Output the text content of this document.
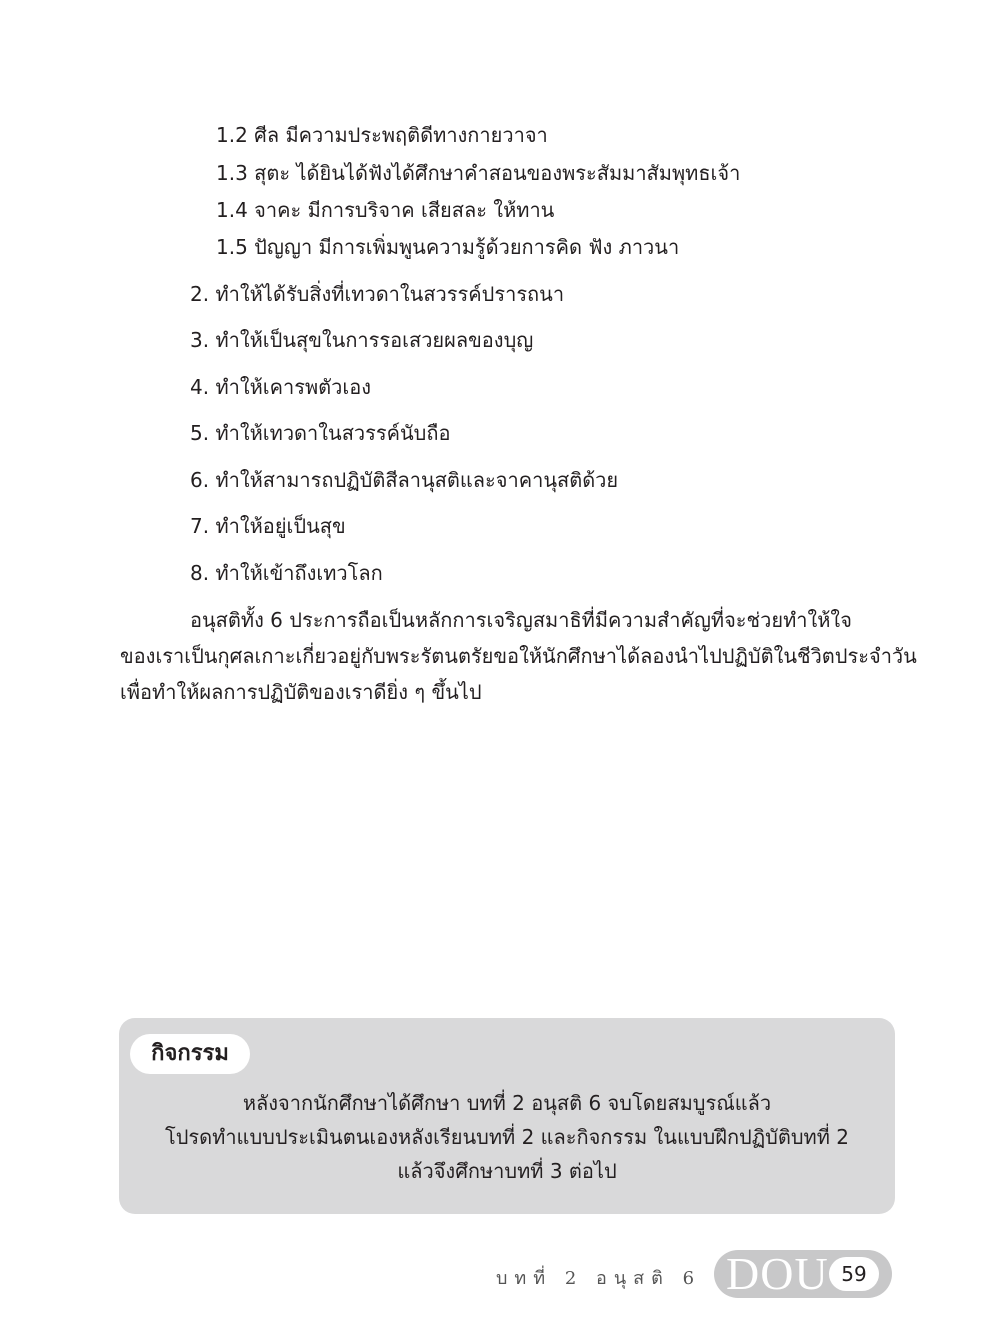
1.2 ศีล มีความประพฤติดีทางกายวาจา
1.3 สุตะ ได้ยินได้ฟังได้ศึกษาคำสอนของพระสัมมาสัมพุทธเจ้า
1.4 จาคะ มีการบริจาค เสียสละ ให้ทาน
1.5 ปัญญา มีการเพิ่มพูนความรู้ด้วยการคิด ฟัง ภาวนา
2. ทำให้ได้รับสิ่งที่เทวดาในสวรรค์ปรารถนา
3. ทำให้เป็นสุขในการรอเสวยผลของบุญ
4. ทำให้เคารพตัวเอง
5. ทำให้เทวดาในสวรรค์นับถือ
6. ทำให้สามารถปฏิบัติสีลานุสติและจาคานุสติด้วย
7. ทำให้อยู่เป็นสุข
8. ทำให้เข้าถึงเทวโลก
อนุสติทั้ง 6 ประการถือเป็นหลักการเจริญสมาธิที่มีความสำคัญที่จะช่วยทำให้ใจ
ของเราเป็นกุศลเกาะเกี่ยวอยู่กับพระรัตนตรัยขอให้นักศึกษาได้ลองนำไปปฏิบัติในชีวิตประจำวัน
เพื่อทำให้ผลการปฏิบัติของเราดียิ่ง ๆ ขึ้นไป
กิจกรรม
หลังจากนักศึกษาได้ศึกษา บทที่ 2 อนุสติ 6 จบโดยสมบูรณ์แล้ว
โปรดทำแบบประเมินตนเองหลังเรียนบทที่ 2 และกิจกรรม ในแบบฝึกปฏิบัติบทที่ 2
แล้วจึงศึกษาบทที่ 3 ต่อไป
บทที่ 2 อนุสติ 6 DOU 59
